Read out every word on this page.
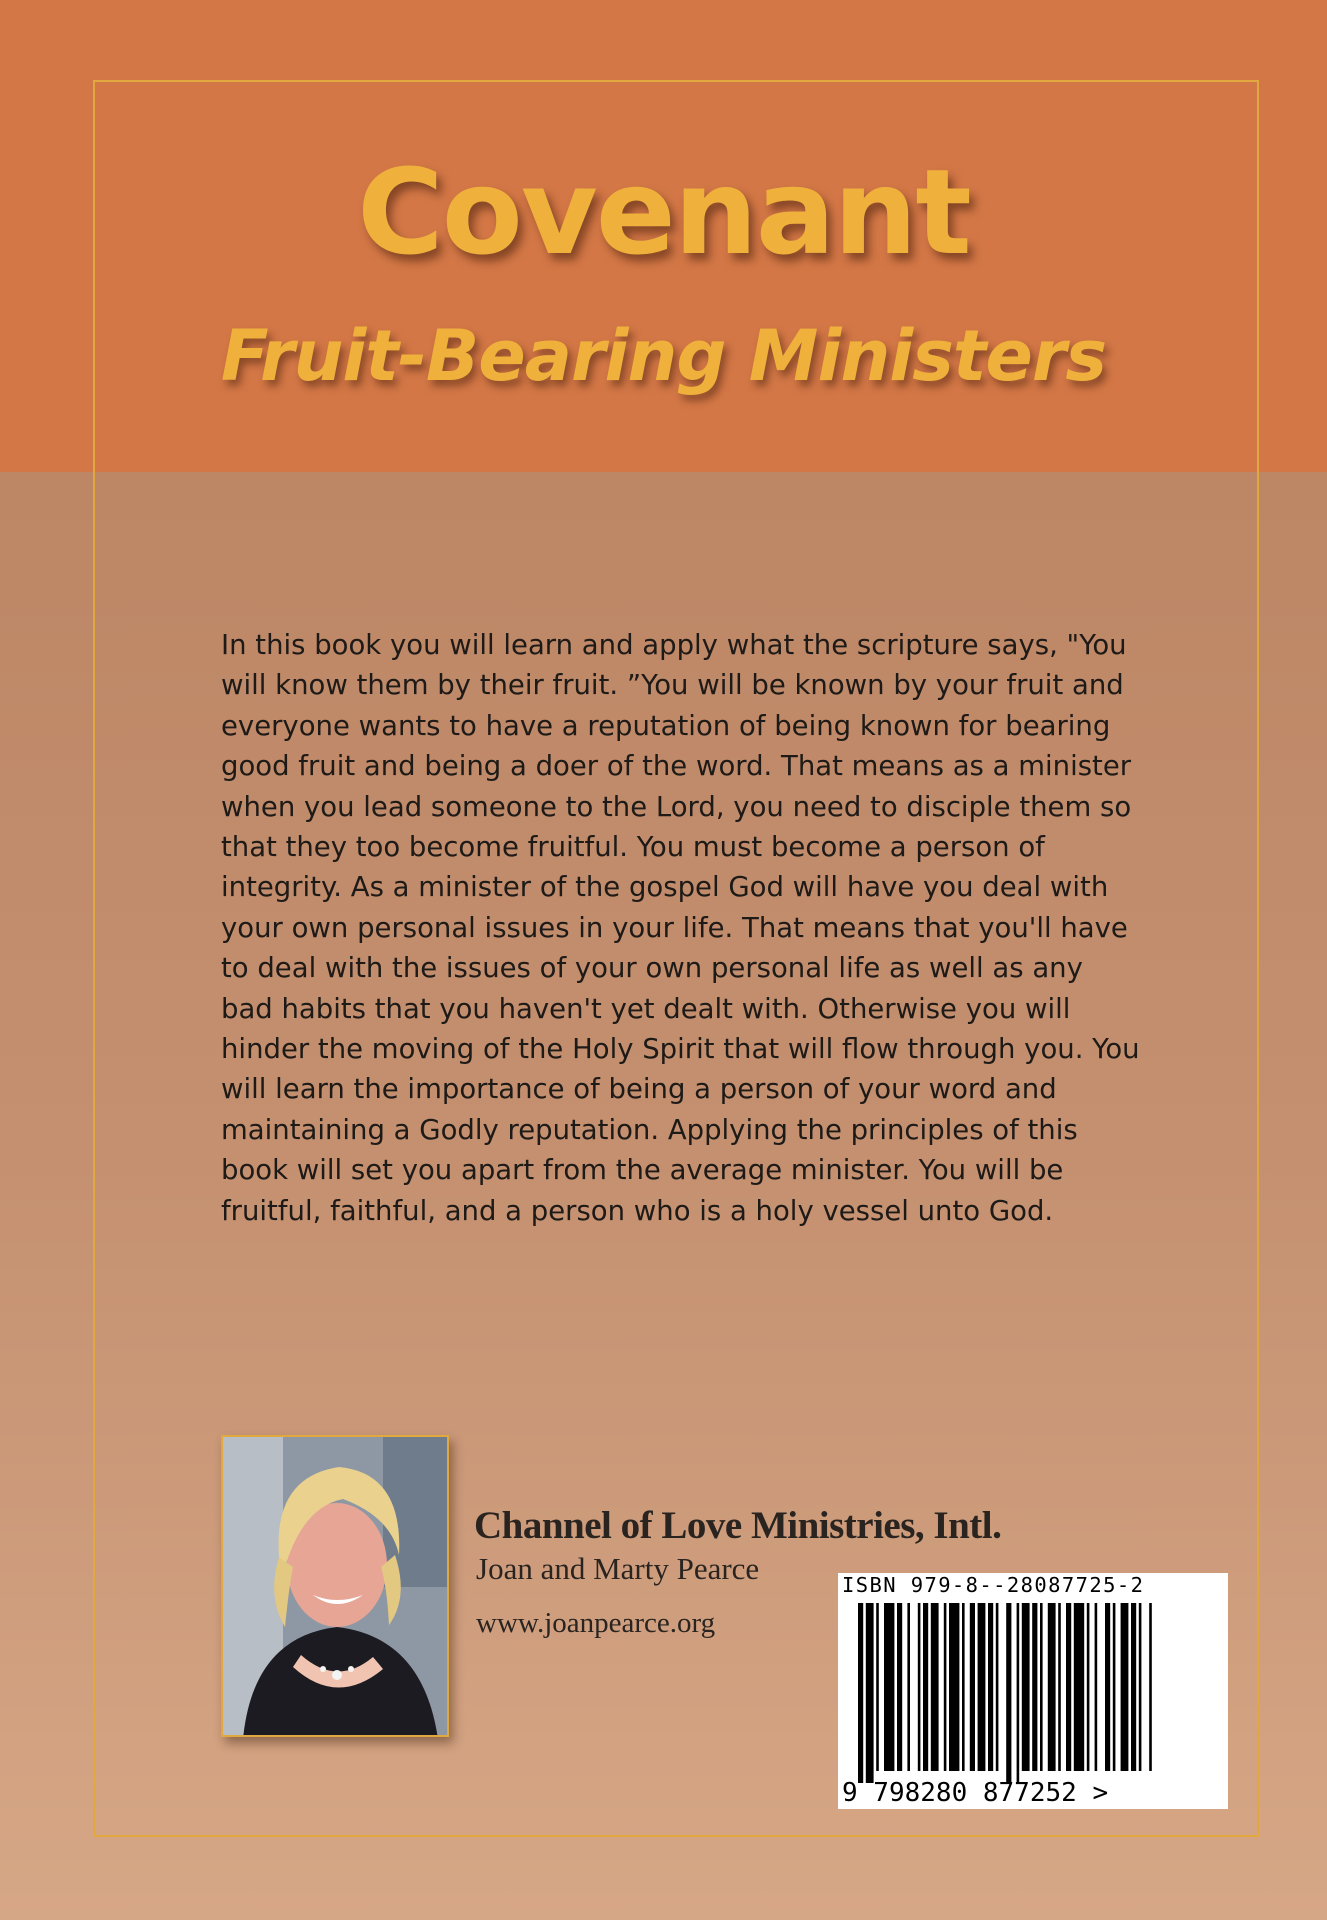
Covenant
Fruit-Bearing Ministers

In this book you will learn and apply what the scripture says, "You will know them by their fruit. ”You will be known by your fruit and everyone wants to have a reputation of being known for bearing good fruit and being a doer of the word. That means as a minister when you lead someone to the Lord, you need to disciple them so that they too become fruitful. You must become a person of integrity. As a minister of the gospel God will have you deal with your own personal issues in your life. That means that you'll have to deal with the issues of your own personal life as well as any bad habits that you haven't yet dealt with. Otherwise you will hinder the moving of the Holy Spirit that will flow through you. You will learn the importance of being a person of your word and maintaining a Godly reputation. Applying the principles of this book will set you apart from the average minister. You will be fruitful, faithful, and a person who is a holy vessel unto God.

Channel of Love Ministries, Intl.

Joan and Marty Pearce

www.joanpearce.org

ISBN 979-8--28087725-2
9 798280 877252 >
